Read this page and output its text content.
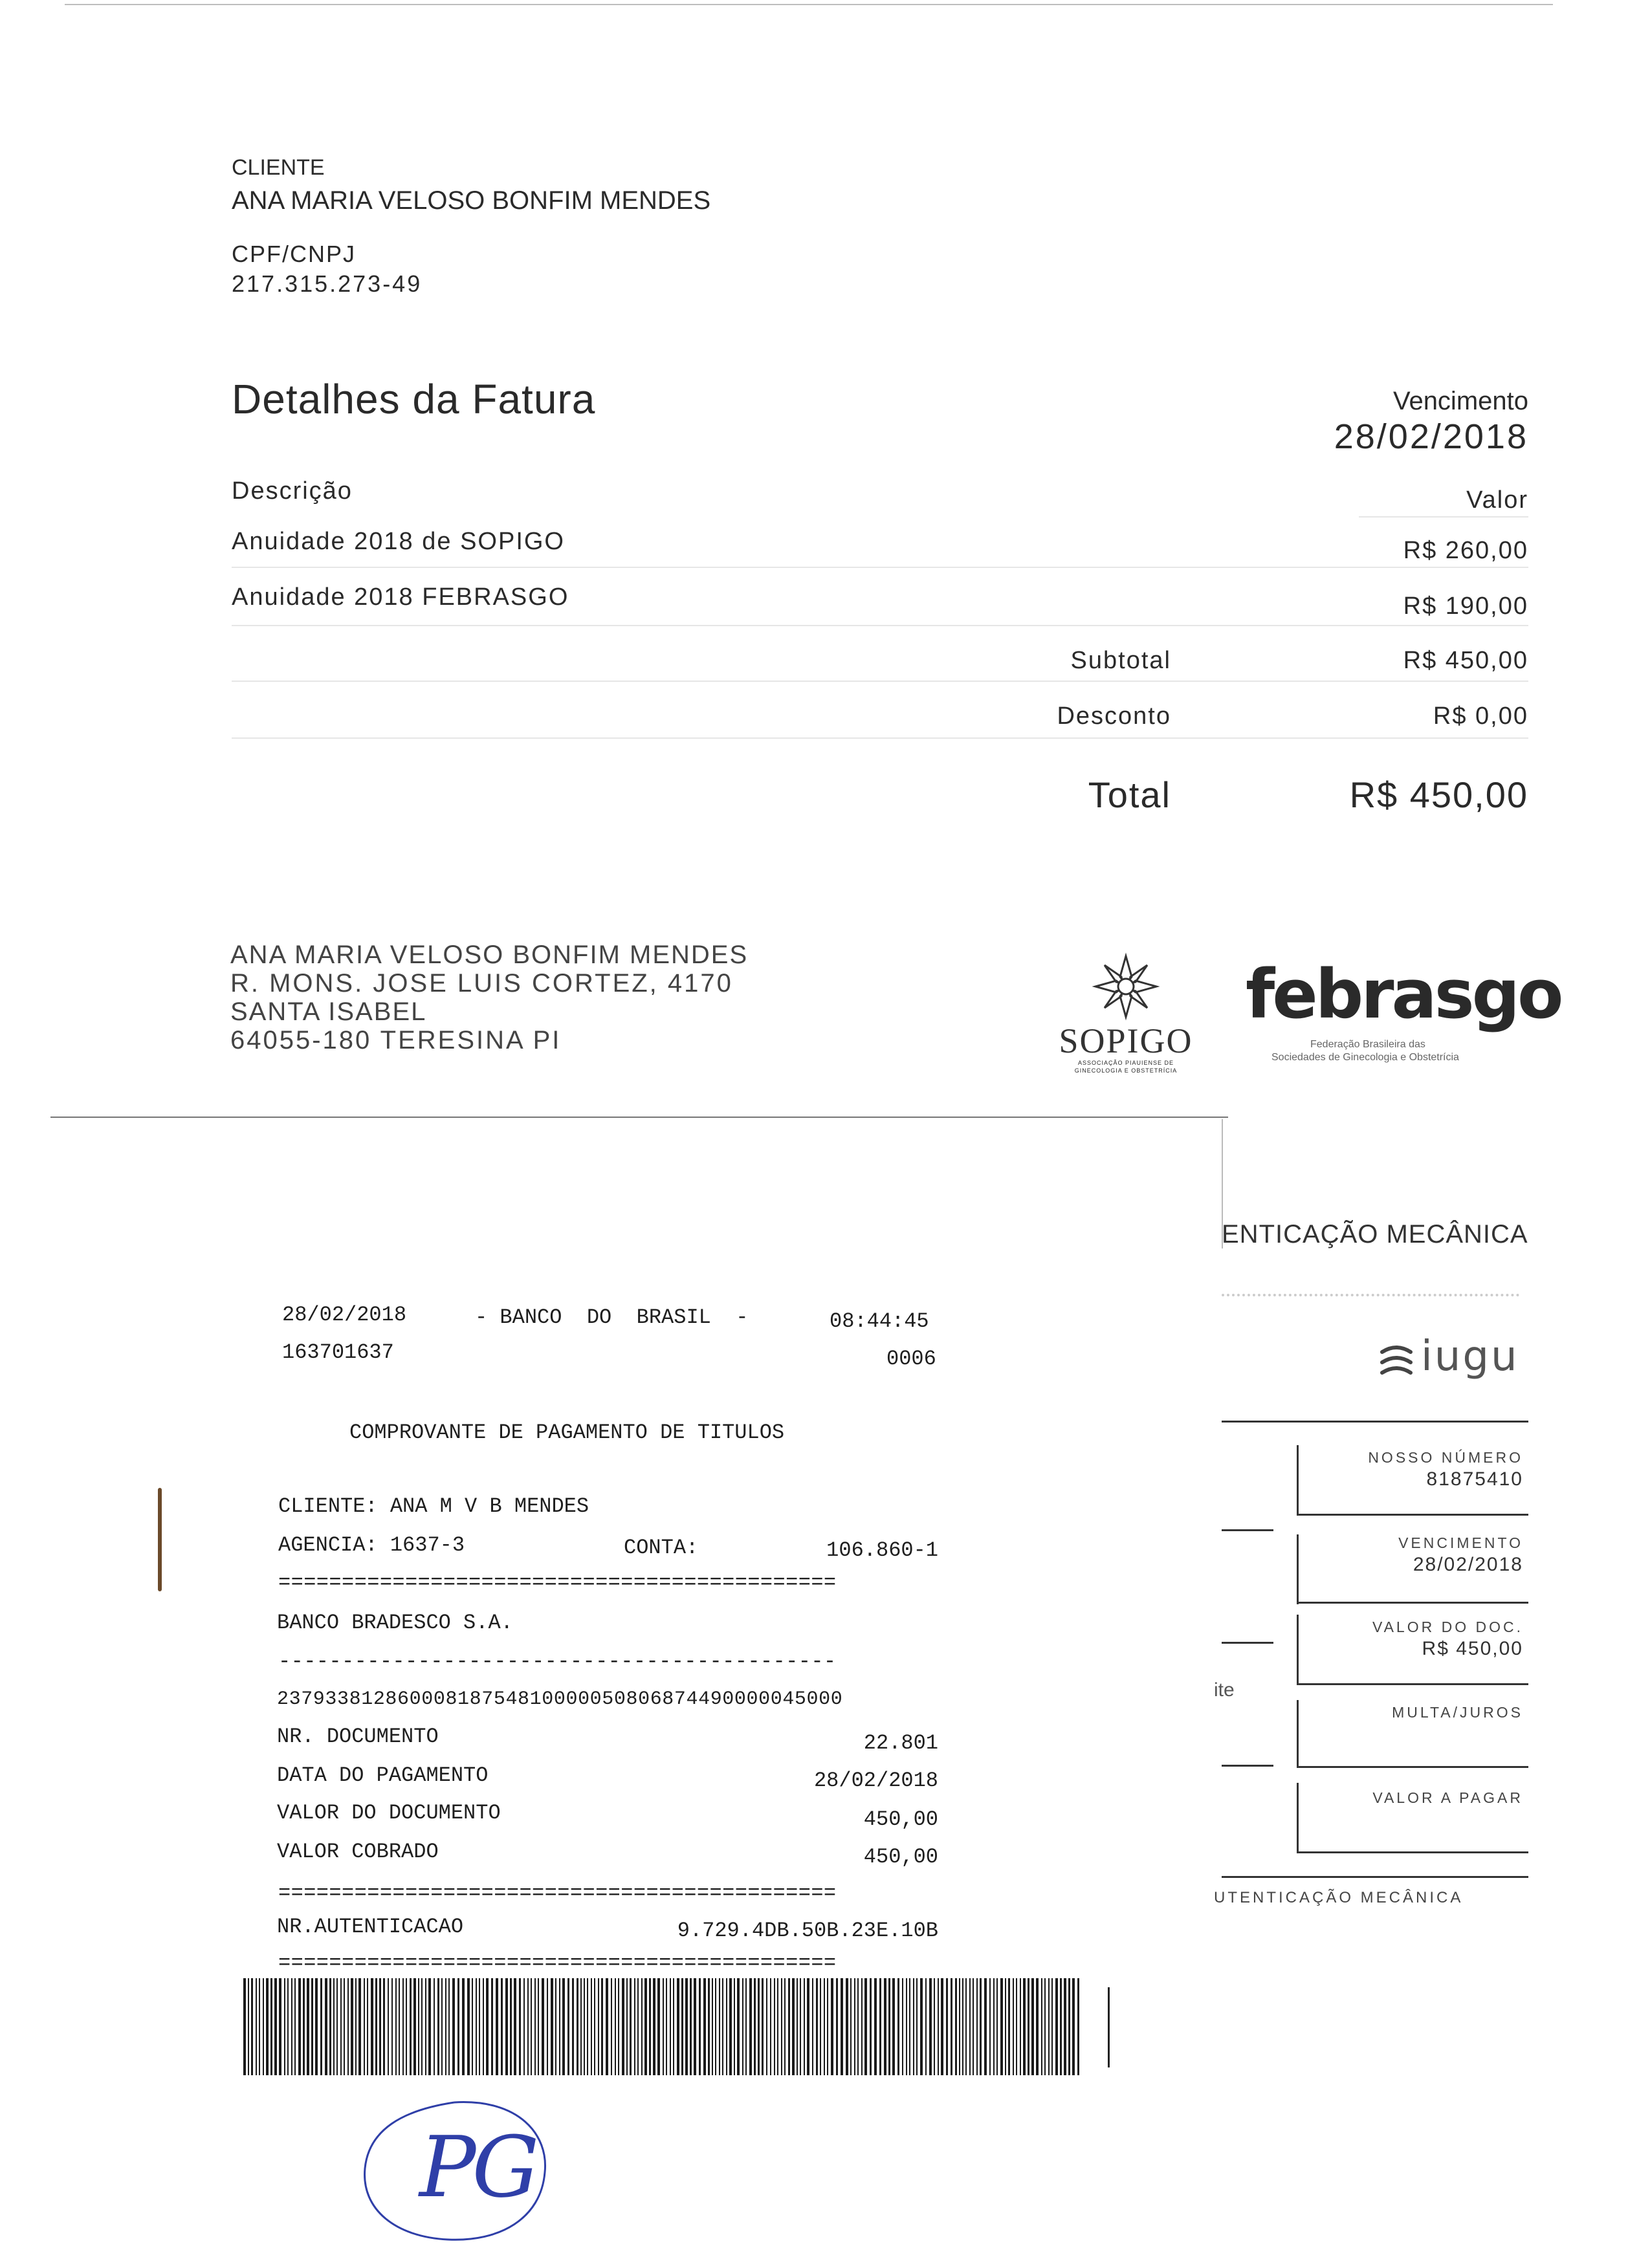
CLIENTE
ANA MARIA VELOSO BONFIM MENDES
CPF/CNPJ
217.315.273-49
Detalhes da Fatura	Vencimento
28/02/2018
Descrição	Valor
Anuidade 2018 de SOPIGO	R$ 260,00
Anuidade 2018 FEBRASGO	R$ 190,00
Subtotal	R$ 450,00
Desconto	R$ 0,00
Total	R$ 450,00
ANA MARIA VELOSO BONFIM MENDES
R. MONS. JOSE LUIS CORTEZ, 4170
SANTA ISABEL
64055-180 TERESINA PI	SOPIGO
ASSOCIAÇÃO PIAUIENSE DE
GINECOLOGIA E OBSTETRÍCIA
febrasgo
Federação Brasileira das
Sociedades de Ginecologia e Obstetrícia
ENTICAÇÃO MECÂNICA
iugu
NOSSO NÚMERO
81875410
VENCIMENTO
28/02/2018
VALOR DO DOC.
R$ 450,00
ite
MULTA/JUROS
VALOR A PAGAR
UTENTICAÇÃO MECÂNICA
28/02/2018	- BANCO  DO  BRASIL  -	08:44:45
163701637	0006
COMPROVANTE DE PAGAMENTO DE TITULOS
CLIENTE: ANA M V B MENDES
AGENCIA: 1637-3	CONTA:	106.860-1
============================================
BANCO BRADESCO S.A.
--------------------------------------------
23793381286000818754810000050806874490000045000
NR. DOCUMENTO	22.801
DATA DO PAGAMENTO	28/02/2018
VALOR DO DOCUMENTO	450,00
VALOR COBRADO	450,00
============================================
NR.AUTENTICACAO	9.729.4DB.50B.23E.10B
============================================
PG
